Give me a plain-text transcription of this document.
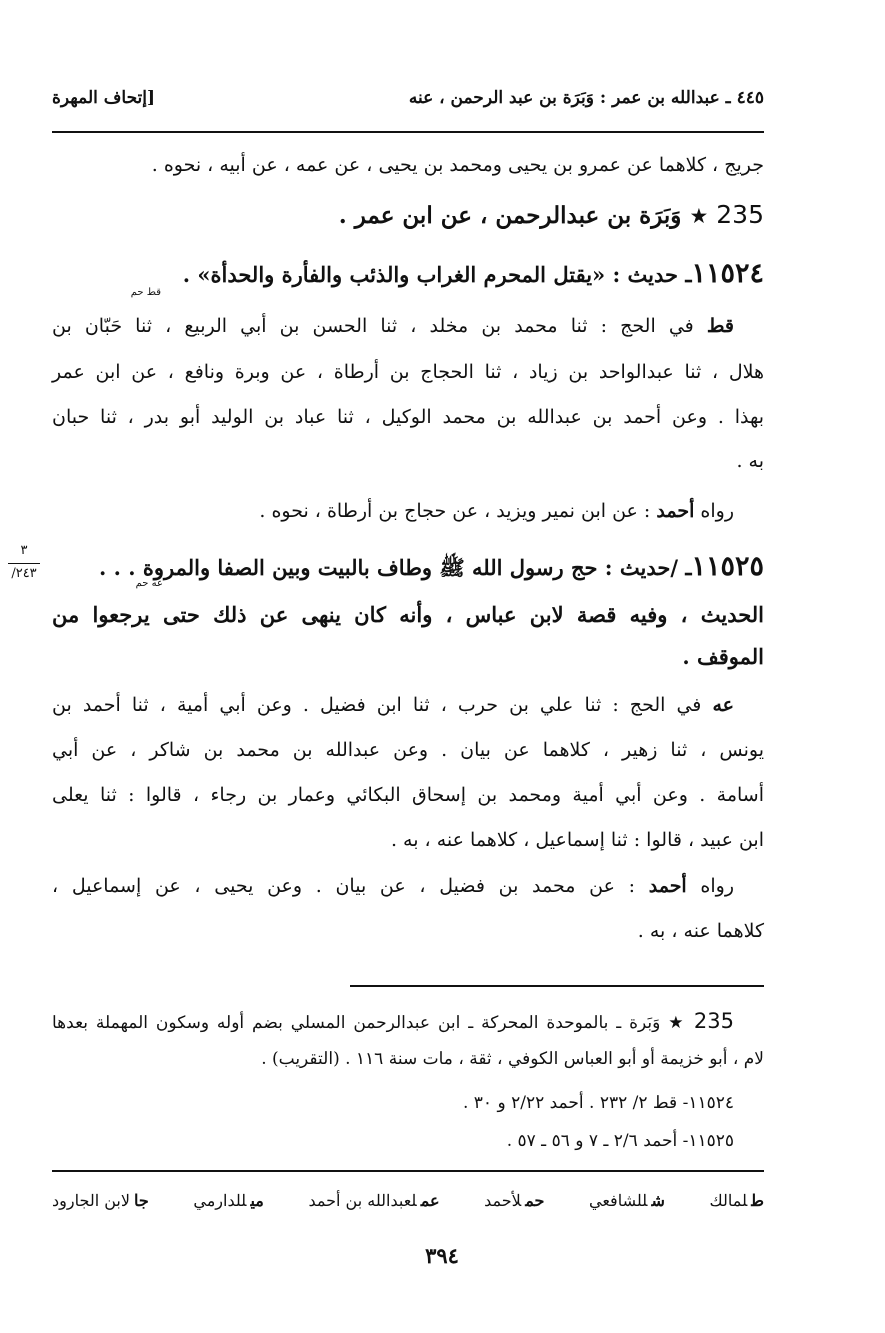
٤٤٥ ـ عبدالله بن عمر : وَبَرَة بن عبد الرحمن ، عنه
[إتحاف المهرة
جريج ، كلاهما عن عمرو بن يحيى ومحمد بن يحيى ، عن عمه ، عن أبيه ، نحوه .
235 ★ وَبَرَة بن عبدالرحمن ، عن ابن عمر .
١١٥٢٤ـ حديث : «يقتل المحرم الغراب والذئب والفأرة والحدأة» .
قط حم
قط في الحج : ثنا محمد بن مخلد ، ثنا الحسن بن أبي الربيع ، ثنا حَبّان بن
هلال ، ثنا عبدالواحد بن زياد ، ثنا الحجاج بن أرطاة ، عن وبرة ونافع ، عن ابن عمر
بهذا . وعن أحمد بن عبدالله بن محمد الوكيل ، ثنا عباد بن الوليد أبو بدر ، ثنا حبان
به .
رواه أحمد : عن ابن نمير ويزيد ، عن حجاج بن أرطاة ، نحوه .
٣
/٢٤٣	١١٥٢٥ـ /حديث : حج رسول الله ﷺ وطاف بالبيت وبين الصفا والمروة . . .
عه حم
الحديث ، وفيه قصة لابن عباس ، وأنه كان ينهى عن ذلك حتى يرجعوا من
الموقف .
عه في الحج : ثنا علي بن حرب ، ثنا ابن فضيل . وعن أبي أمية ، ثنا أحمد بن
يونس ، ثنا زهير ، كلاهما عن بيان . وعن عبدالله بن محمد بن شاكر ، عن أبي
أسامة . وعن أبي أمية ومحمد بن إسحاق البكائي وعمار بن رجاء ، قالوا : ثنا يعلى
ابن عبيد ، قالوا : ثنا إسماعيل ، كلاهما عنه ، به .
رواه أحمد : عن محمد بن فضيل ، عن بيان . وعن يحيى ، عن إسماعيل ،
كلاهما عنه ، به .
235 ★ وَبَرة ـ بالموحدة المحركة ـ ابن عبدالرحمن المسلي بضم أوله وسكون المهملة بعدها
لام ، أبو خزيمة أو أبو العباس الكوفي ، ثقة ، مات سنة ١١٦ . (التقريب) .
١١٥٢٤- قط ٢/ ٢٣٢ . أحمد ٢/٢٢ و ٣٠ .
١١٥٢٥- أحمد ٢/٦ ـ ٧ و ٥٦ ـ ٥٧ .
طلمالك
شللشافعي
حملأحمد
عملعبدالله بن أحمد
ميللدارمي
جالابن الجارود
٣٩٤
